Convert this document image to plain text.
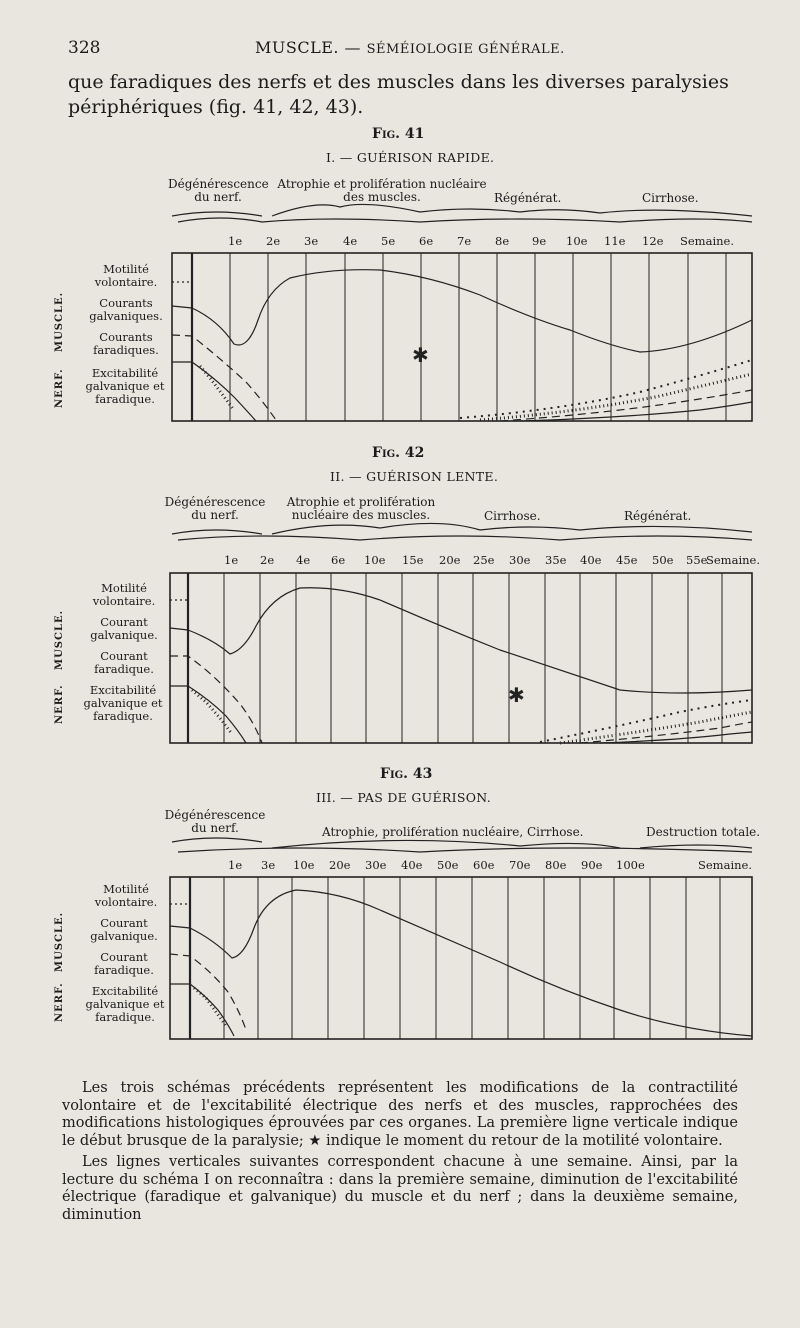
328	MUSCLE. — SÉMÉIOLOGIE GÉNÉRALE.
que faradiques des nerfs et des muscles dans les diverses paralysies périphériques (fig. 41, 42, 43).
Fig. 41
I. — GUÉRISON RAPIDE.
Dégénérescence du nerf.
Atrophie et prolifération nucléaire des muscles.	Régénérat.	Cirrhose.
1e 2e 3e 4e 5e 6e 7e 8e 9e 10e 11e 12e Semaine.
Motilité volontaire.
Courants galvaniques.
Courants faradiques.
Excitabilité galvanique et faradique.
MUSCLE.
NERF.
Fig. 42
II. — GUÉRISON LENTE.
Dégénérescence du nerf.
Atrophie et prolifération nucléaire des muscles.	Cirrhose.	Régénérat.
1e 2e 4e 6e 10e 15e 20e 25e 30e 35e 40e 45e 50e 55e
Semaine.
Motilité volontaire.
Courant galvanique.
Courant faradique.
Excitabilité galvanique et faradique.
MUSCLE.
NERF.
Fig. 43
III. — PAS DE GUÉRISON.
Dégénérescence du nerf.	Atrophie, prolifération nucléaire, Cirrhose.	Destruction totale.
1e 3e 10e 20e 30e 40e 50e 60e 70e 80e 90e 100e	Semaine.
Motilité volontaire.
Courant galvanique.
Courant faradique.
Excitabilité galvanique et faradique.
MUSCLE.
NERF.
✱
✱
Les trois schémas précédents représentent les modifications de la contractilité volontaire et de l'excitabilité électrique des nerfs et des muscles, rapprochées des modifications histologiques éprouvées par ces organes. La première ligne verticale indique le début brusque de la paralysie; ★ indique le moment du retour de la motilité volontaire.
Les lignes verticales suivantes correspondent chacune à une semaine. Ainsi, par la lecture du schéma I on reconnaîtra : dans la première semaine, diminution de l'excitabilité électrique (faradique et galvanique) du muscle et du nerf ; dans la deuxième semaine, diminution
